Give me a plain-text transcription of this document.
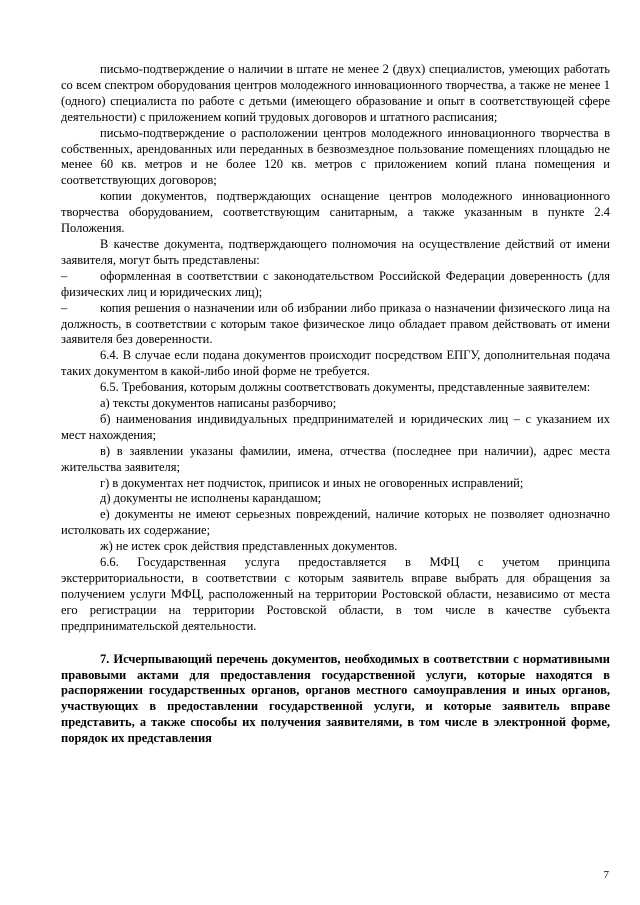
письмо-подтверждение о наличии в штате не менее 2 (двух) специалистов, умеющих работать со всем спектром оборудования центров молодежного инновационного творчества, а также не менее 1 (одного) специалиста по работе с детьми (имеющего образование и опыт в соответствующей сфере деятельности) с приложением копий трудовых договоров и штатного расписания;

письмо-подтверждение о расположении центров молодежного инновационного творчества в собственных, арендованных или переданных в безвозмездное пользование помещениях площадью не менее 60 кв. метров и не более 120 кв. метров с приложением копий плана помещения и соответствующих договоров;

копии документов, подтверждающих оснащение центров молодежного инновационного творчества оборудованием, соответствующим санитарным, а также указанным в пункте 2.4 Положения.

В качестве документа, подтверждающего полномочия на осуществление действий от имени заявителя, могут быть представлены:

–	оформленная в соответствии с законодательством Российской Федерации доверенность (для физических лиц и юридических лиц);

–	копия решения о назначении или об избрании либо приказа о назначении физического лица на должность, в соответствии с которым такое физическое лицо обладает правом действовать от имени заявителя без доверенности.

6.4. В случае если подана документов происходит посредством ЕПГУ, дополнительная подача таких документом в какой-либо иной форме не требуется.

6.5. Требования, которым должны соответствовать документы, представленные заявителем:

а) тексты документов написаны разборчиво;

б) наименования индивидуальных предпринимателей и юридических лиц – с указанием их мест нахождения;

в) в заявлении указаны фамилии, имена, отчества (последнее при наличии), адрес места жительства заявителя;

г) в документах нет подчисток, приписок и иных не оговоренных исправлений;

д) документы не исполнены карандашом;

е) документы не имеют серьезных повреждений, наличие которых не позволяет однозначно истолковать их содержание;

ж) не истек срок действия представленных документов.

6.6. Государственная услуга предоставляется в МФЦ с учетом принципа экстерриториальности, в соответствии с которым заявитель вправе выбрать для обращения за получением услуги МФЦ, расположенный на территории Ростовской области, независимо от места его регистрации на территории Ростовской области, в том числе в качестве субъекта предпринимательской деятельности.

7. Исчерпывающий перечень документов, необходимых в соответствии с нормативными правовыми актами для предоставления государственной услуги, которые находятся в распоряжении государственных органов, органов местного самоуправления и иных органов, участвующих в предоставлении государственной услуги, и которые заявитель вправе представить, а также способы их получения заявителями, в том числе в электронной форме, порядок их представления

7
